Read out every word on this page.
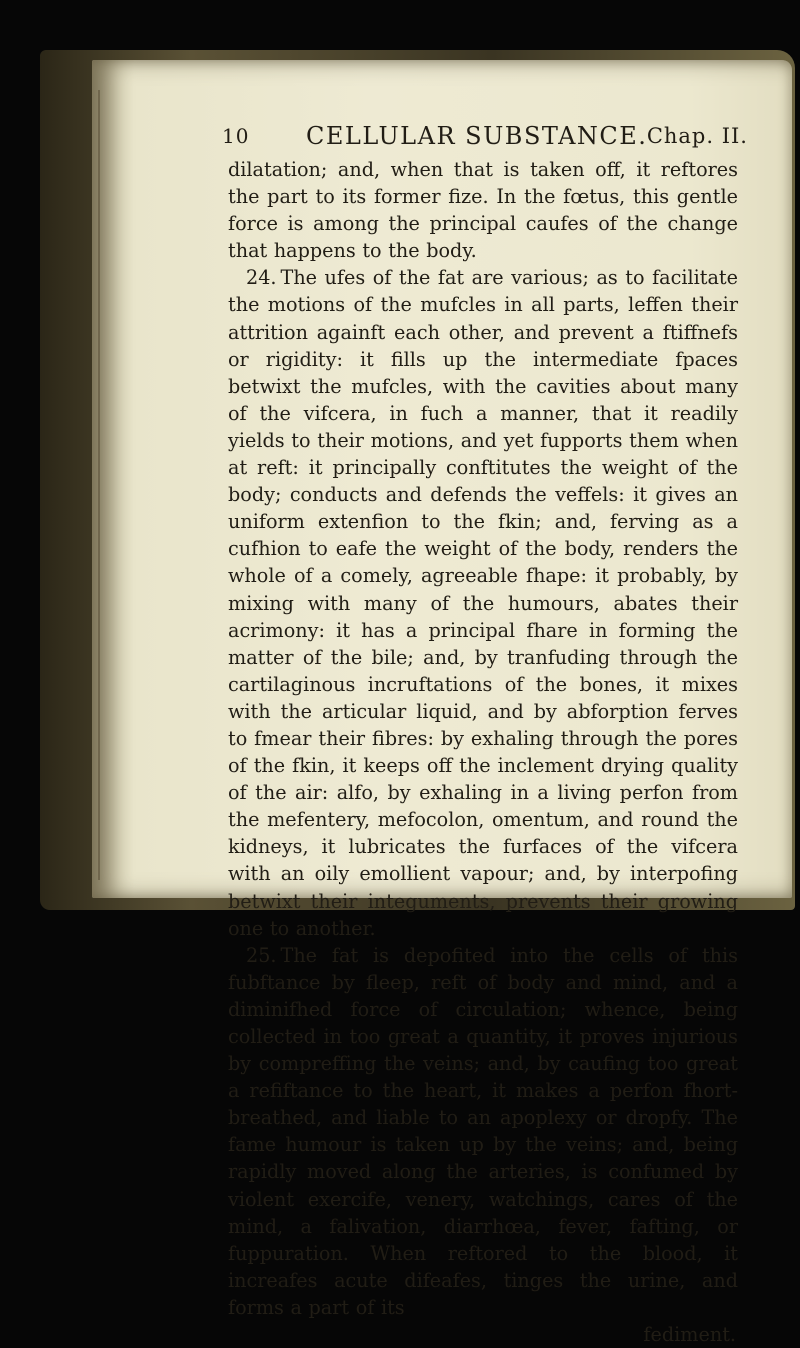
10 CELLULAR SUBSTANCE. Chap. II.

dilatation; and, when that is taken off, it reftores the part to its former fize. In the fœtus, this gentle force is among the principal caufes of the change that happens to the body.

24. The ufes of the fat are various; as to facilitate the motions of the mufcles in all parts, leffen their attrition againft each other, and prevent a ftiffnefs or rigidity: it fills up the intermediate fpaces betwixt the mufcles, with the cavities about many of the vifcera, in fuch a manner, that it readily yields to their motions, and yet fupports them when at reft: it principally conftitutes the weight of the body; conducts and defends the veffels: it gives an uniform extenfion to the fkin; and, ferving as a cufhion to eafe the weight of the body, renders the whole of a comely, agreeable fhape: it probably, by mixing with many of the humours, abates their acrimony: it has a principal fhare in forming the matter of the bile; and, by tranfuding through the cartilaginous incruftations of the bones, it mixes with the articular liquid, and by abforption ferves to fmear their fibres: by exhaling through the pores of the fkin, it keeps off the inclement drying quality of the air: alfo, by exhaling in a living perfon from the mefentery, mefocolon, omentum, and round the kidneys, it lubricates the furfaces of the vifcera with an oily emollient vapour; and, by interpofing betwixt their integuments, prevents their growing one to another.

25. The fat is depofited into the cells of this fubftance by fleep, reft of body and mind, and a diminifhed force of circulation; whence, being collected in too great a quantity, it proves injurious by compreffing the veins; and, by caufing too great a refiftance to the heart, it makes a perfon fhort-breathed, and liable to an apoplexy or dropfy. The fame humour is taken up by the veins; and, being rapidly moved along the arteries, is confumed by violent exercife, venery, watchings, cares of the mind, a falivation, diarrhœa, fever, fafting, or fuppuration. When reftored to the blood, it increafes acute difeafes, tinges the urine, and forms a part of its

fediment.
